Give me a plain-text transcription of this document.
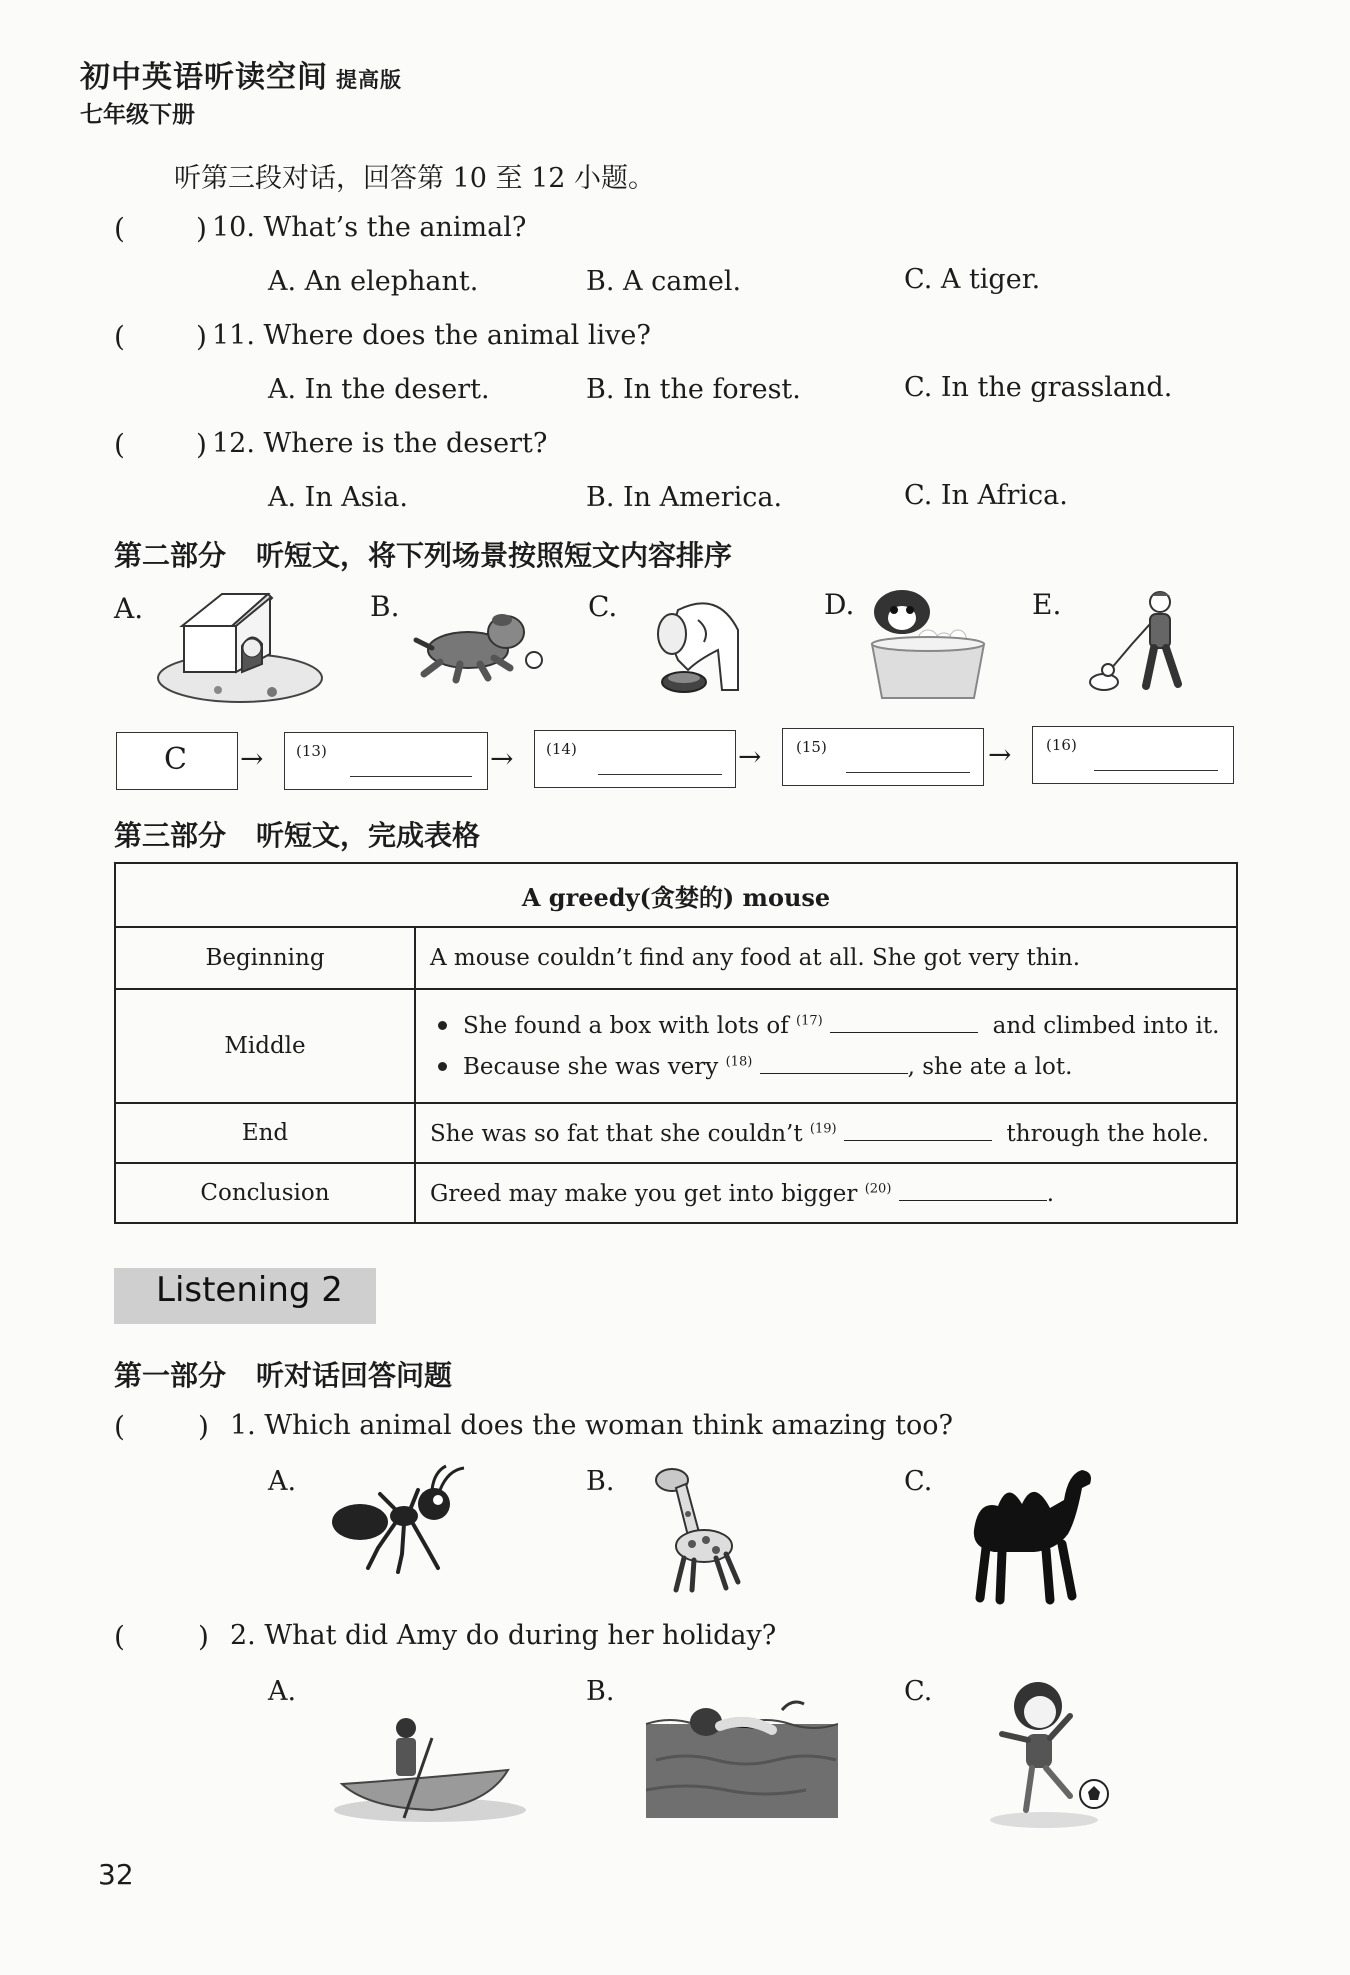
初中英语听读空间 提高版
七年级下册
听第三段对话，回答第 10 至 12 小题。
(	) 10. What’s the animal?
A. An elephant.	B. A camel.	C. A tiger.
(	) 11. Where does the animal live?
A. In the desert.	B. In the forest.	C. In the grassland.
(	) 12. Where is the desert?
A. In Asia.	B. In America.	C. In Africa.
第二部分 听短文，将下列场景按照短文内容排序
A.	B.	C.	D.	E.
C → (13)	→ (14)	→ (15)	→ (16)
第三部分 听短文，完成表格
A greedy(贪婪的) mouse	
Beginning	A mouse couldn’t find any food at all. She got very thin.
Middle	She found a box with lots of $^{(17)}$ and climbed into it.
Because she was very $^{(18)}$ , she ate a lot.

End	She was so fat that she couldn’t $^{(19)}$ through the hole.
Conclusion	Greed may make you get into bigger $^{(20)}$ .
Listening 2
第一部分 听对话回答问题
(	) 1. Which animal does the woman think amazing too?
A.	B.	C.
(	) 2. What did Amy do during her holiday?
A.	B.	C.
32
